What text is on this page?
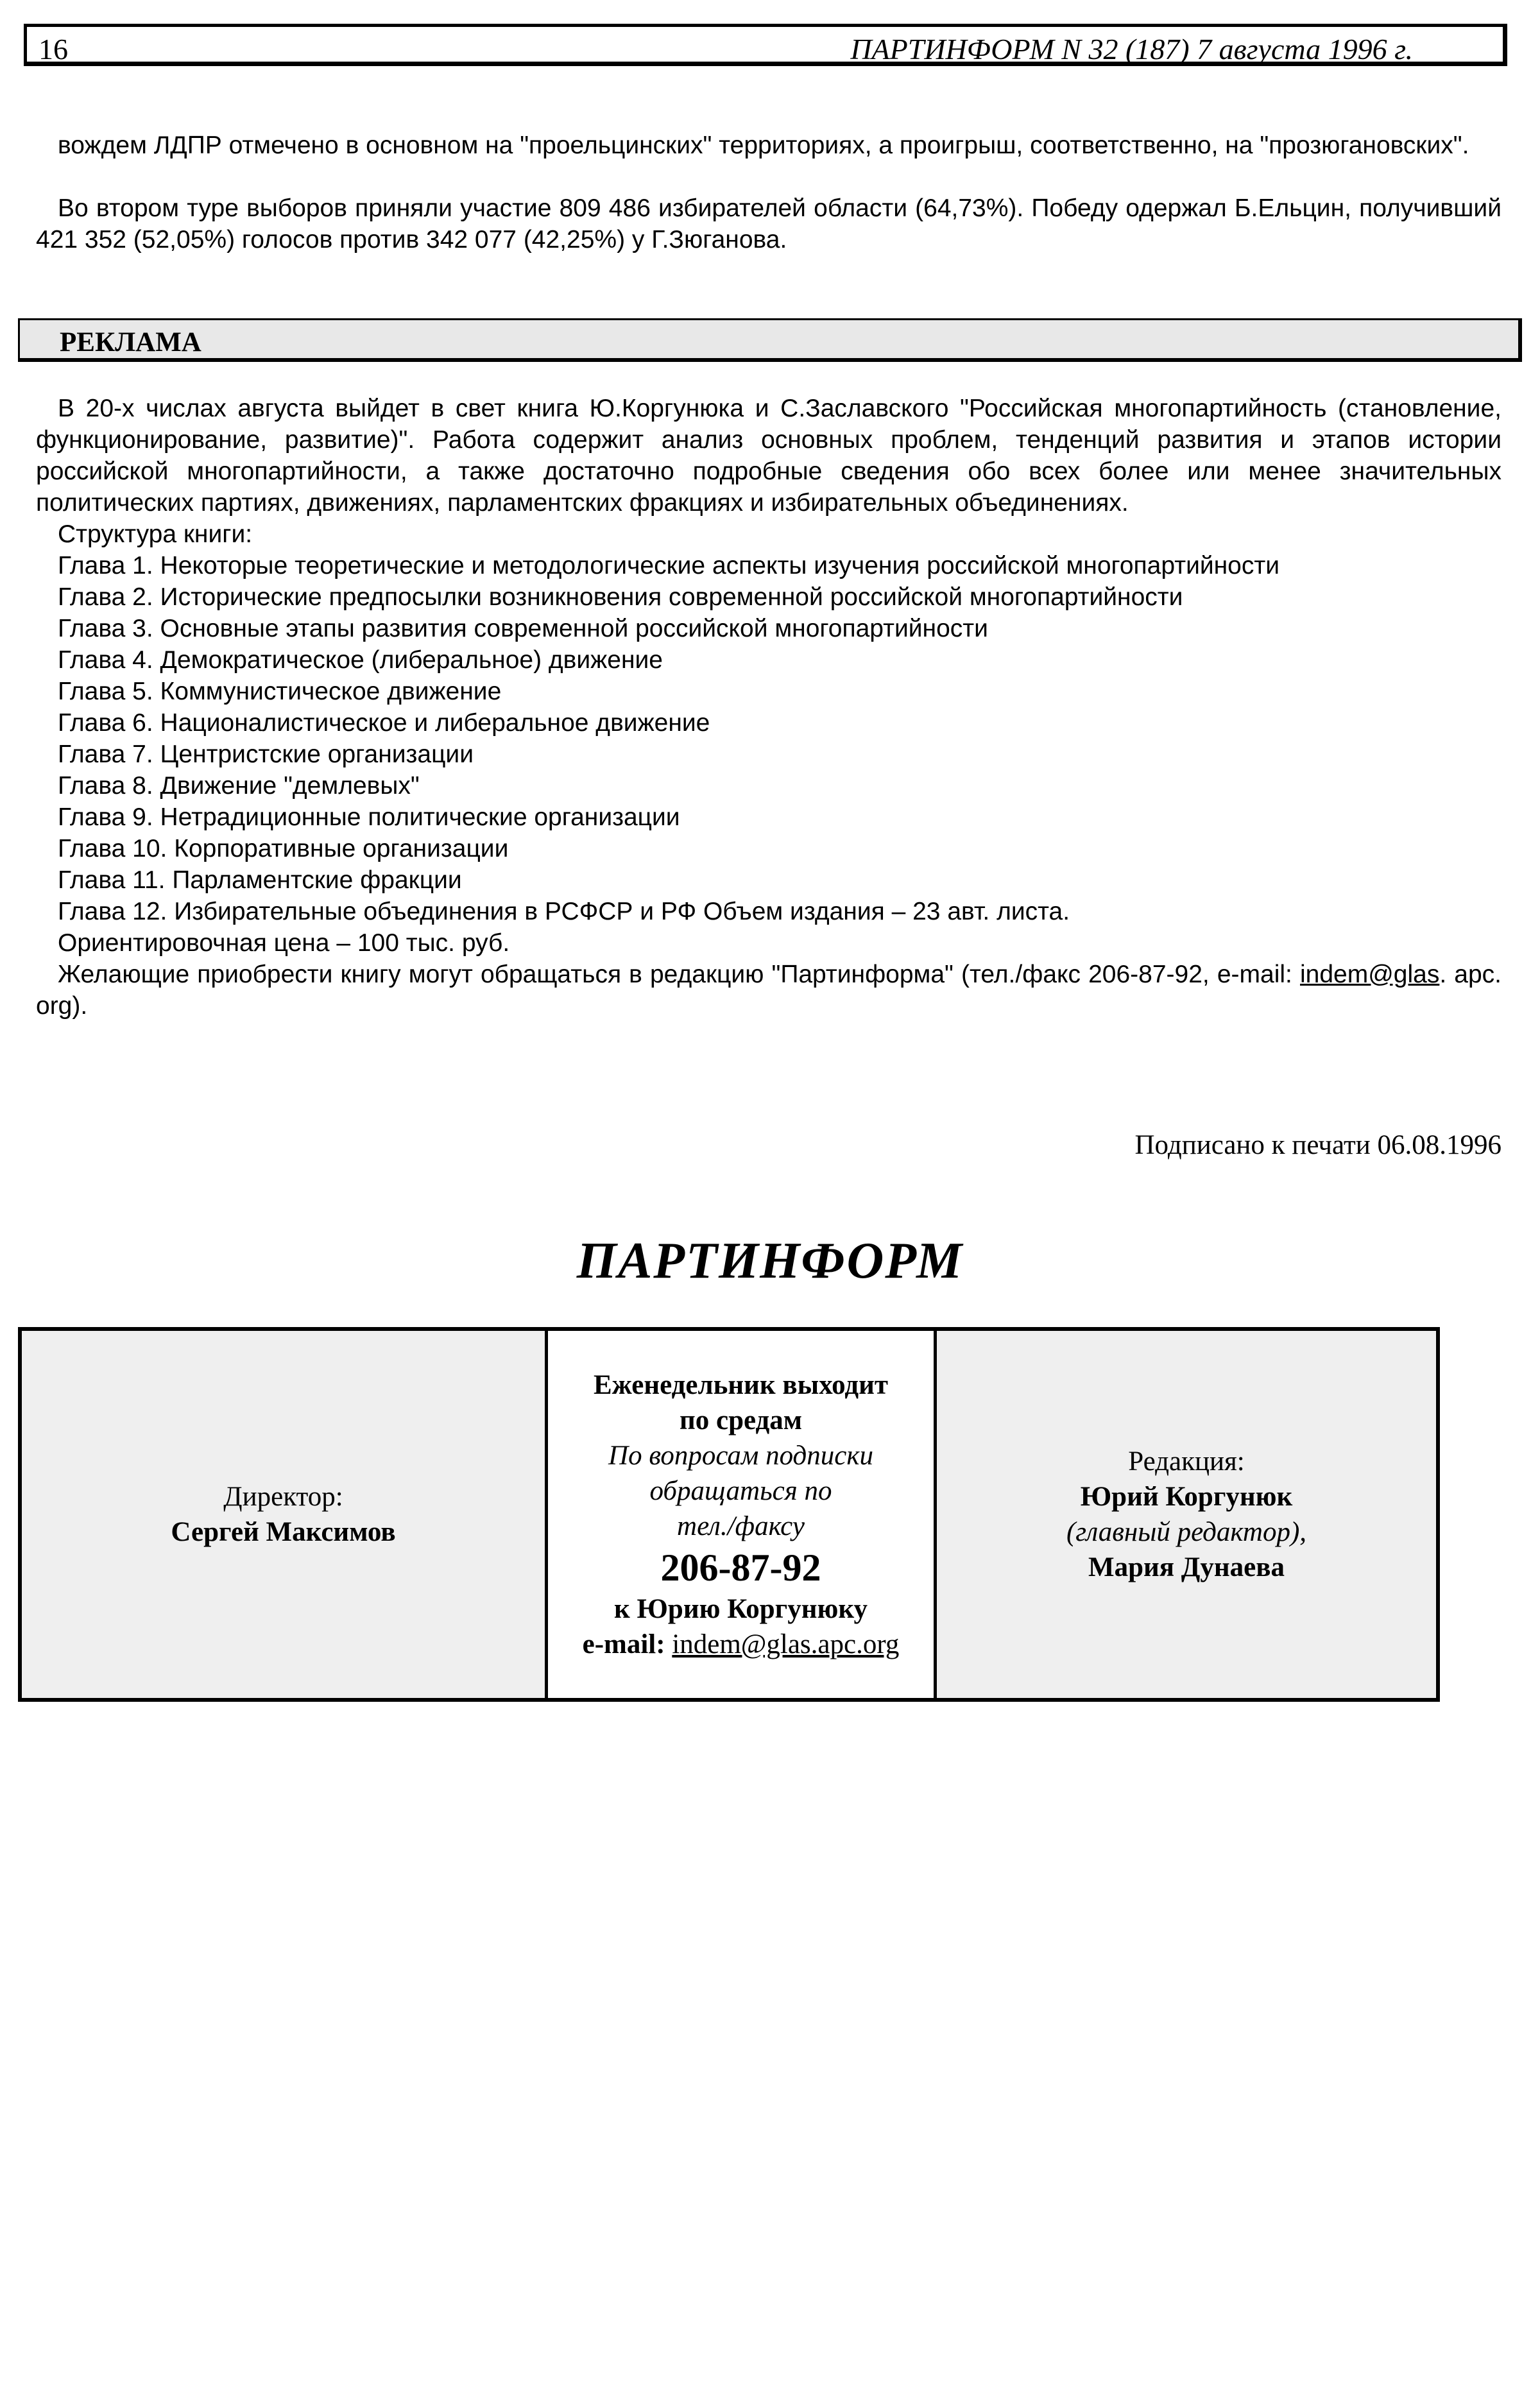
16	ПАРТИНФОРМ N 32 (187) 7 августа 1996 г.
вождем ЛДПР отмечено в основном на "проельцинских" территориях, а проигрыш, соответственно, на "прозюгановских".
Во втором туре выборов приняли участие 809 486 избирателей области (64,73%). Победу одержал Б.Ельцин, получивший 421 352 (52,05%) голосов против 342 077 (42,25%) у Г.Зюганова.
РЕКЛАМА

В 20-х числах августа выйдет в свет книга Ю.Коргунюка и С.Заславского "Российская многопартийность (становление, функционирование, развитие)". Работа содержит анализ основных проблем, тенденций развития и этапов истории российской многопартийности, а также достаточно подробные сведения обо всех более или менее значительных политических партиях, движениях, парламентских фракциях и избирательных объединениях.

Структура книги:

Глава 1. Некоторые теоретические и методологические аспекты изучения российской многопартийности

Глава 2. Исторические предпосылки возникновения современной российской многопартийности

Глава 3. Основные этапы развития современной российской многопартийности

Глава 4. Демократическое (либеральное) движение

Глава 5. Коммунистическое движение

Глава 6. Националистическое и либеральное движение

Глава 7. Центристские организации

Глава 8. Движение "демлевых"

Глава 9. Нетрадиционные политические организации

Глава 10. Корпоративные организации

Глава 11. Парламентские фракции

Глава 12. Избирательные объединения в РСФСР и РФ Объем издания – 23 авт. листа.

Ориентировочная цена – 100 тыс. руб.

Желающие приобрести книгу могут обращаться в редакцию "Партинформа" (тел./факс 206-87-92, e-mail: indem@glas. apc. org).

Подписано к печати 06.08.1996
ПАРТИНФОРМ
Директор:
Сергей Максимов
Еженедельник выходит
по средам
По вопросам подписки
обращаться по
тел./факсу
206-87-92
к Юрию Коргунюку
e-mail: indem@glas.apc.org
Редакция:
Юрий Коргунюк
(главный редактор),
Мария Дунаева
